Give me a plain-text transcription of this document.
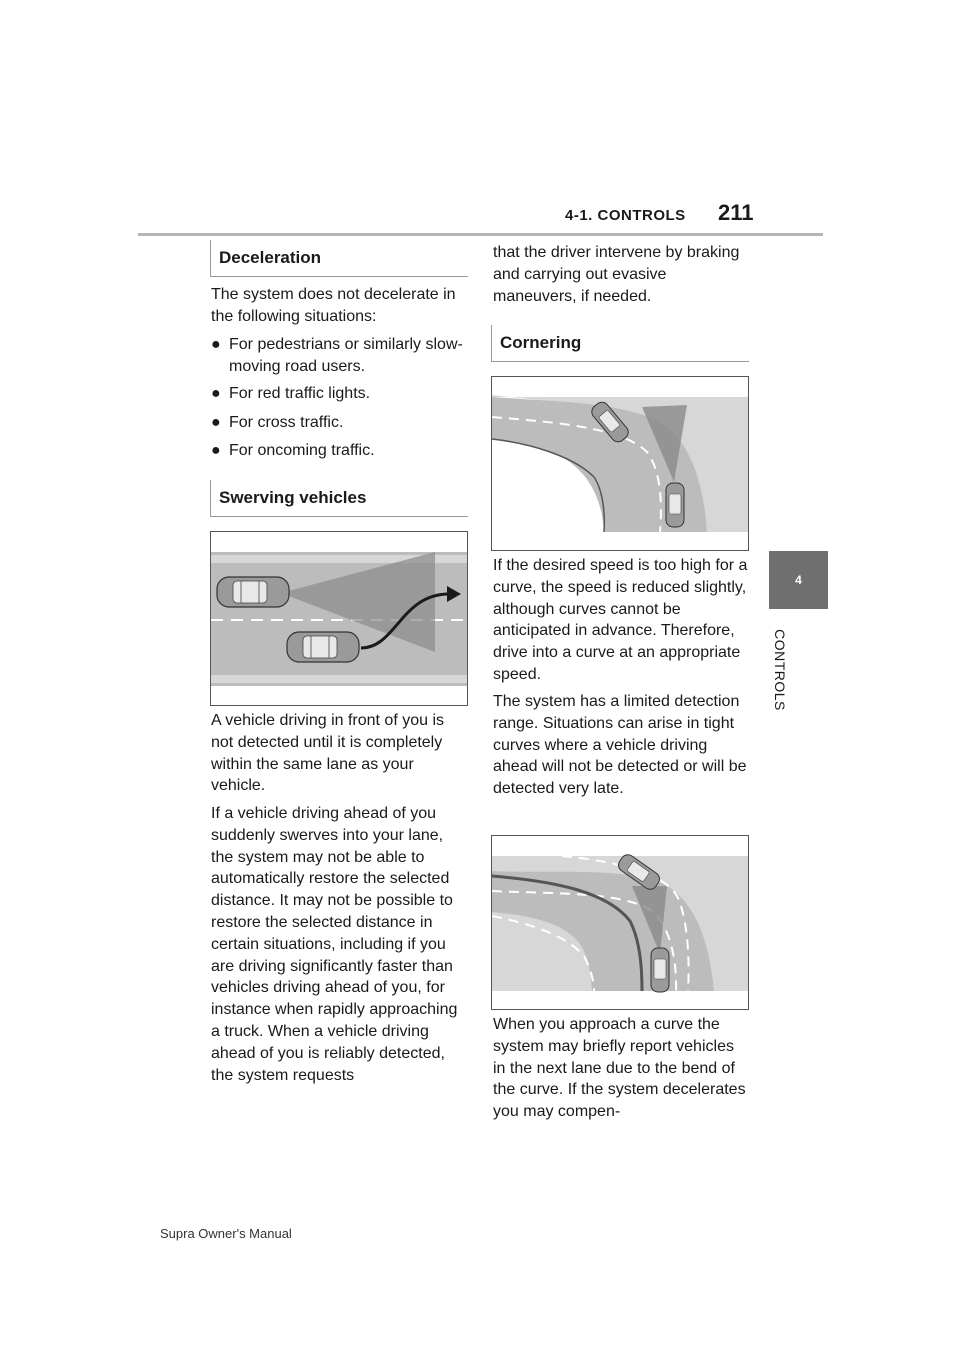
4-1. CONTROLS 211
4
CONTROLS
Deceleration
The system does not decelerate in the following situations:
● For pedestrians or similarly slow-moving road users.
● For red traffic lights.
● For cross traffic.
● For oncoming traffic.
Swerving vehicles
A vehicle driving in front of you is not detected until it is completely within the same lane as your vehicle.
If a vehicle driving ahead of you suddenly swerves into your lane, the system may not be able to automatically restore the selected distance. It may not be possible to restore the selected distance in certain situations, including if you are driving significantly faster than vehicles driving ahead of you, for instance when rapidly approaching a truck. When a vehicle driving ahead of you is reliably detected, the system requests
that the driver intervene by braking and carrying out evasive maneuvers, if needed.
Cornering
If the desired speed is too high for a curve, the speed is reduced slightly, although curves cannot be anticipated in advance. Therefore, drive into a curve at an appropriate speed.
The system has a limited detection range. Situations can arise in tight curves where a vehicle driving ahead will not be detected or will be detected very late.
When you approach a curve the system may briefly report vehicles in the next lane due to the bend of the curve. If the system decelerates you may compen-
Supra Owner's Manual
